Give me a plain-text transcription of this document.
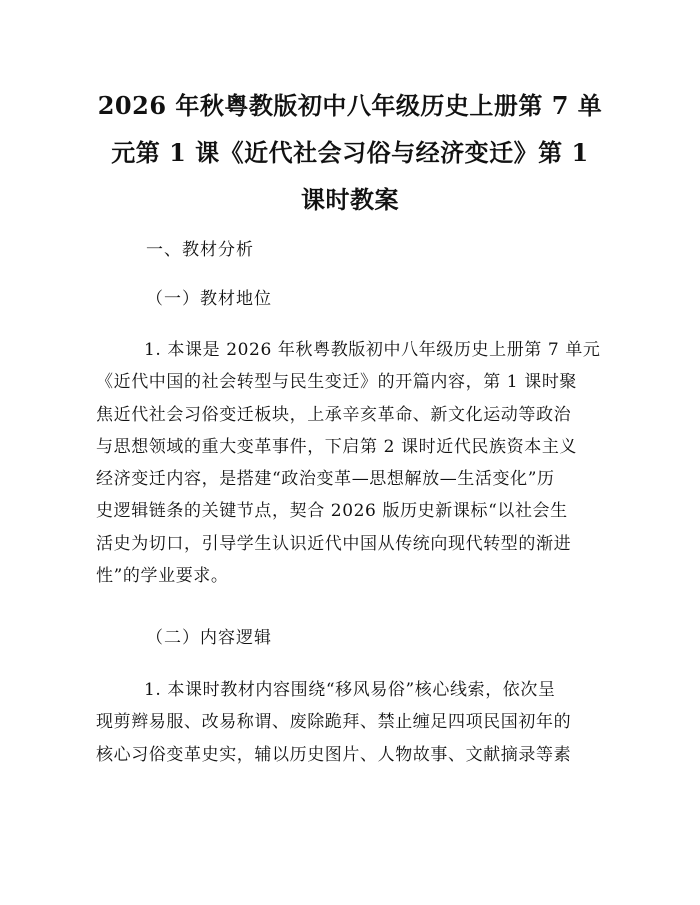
2026 年秋粤教版初中八年级历史上册第 7 单
元第 1 课《近代社会习俗与经济变迁》第 1
课时教案

一、教材分析

（一）教材地位

1. 本课是 2026 年秋粤教版初中八年级历史上册第 7 单元
《近代中国的社会转型与民生变迁》的开篇内容，第 1 课时聚
焦近代社会习俗变迁板块，上承辛亥革命、新文化运动等政治
与思想领域的重大变革事件，下启第 2 课时近代民族资本主义
经济变迁内容，是搭建“政治变革—思想解放—生活变化”历
史逻辑链条的关键节点，契合 2026 版历史新课标“以社会生
活史为切口，引导学生认识近代中国从传统向现代转型的渐进
性”的学业要求。

（二）内容逻辑

1. 本课时教材内容围绕“移风易俗”核心线索，依次呈
现剪辫易服、改易称谓、废除跪拜、禁止缠足四项民国初年的
核心习俗变革史实，辅以历史图片、人物故事、文献摘录等素
